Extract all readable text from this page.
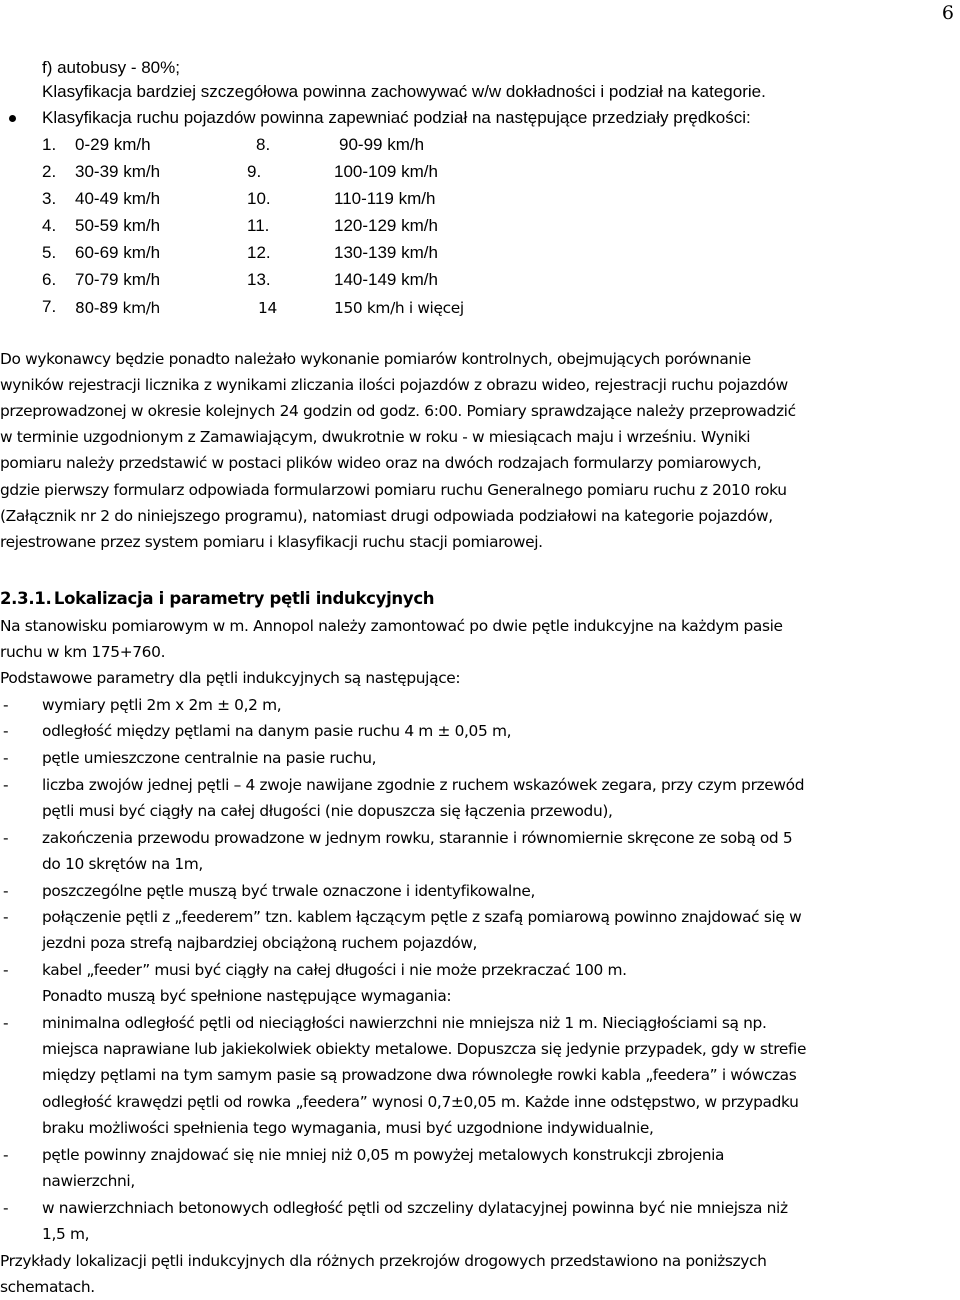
6
f) autobusy - 80%;
Klasyfikacja bardziej szczegółowa powinna zachowywać w/w dokładności i podział na kategorie.
Klasyfikacja ruchu pojazdów powinna zapewniać podział na następujące przedziały prędkości:
1. 0-29 km/h	8.	90-99 km/h
2. 30-39 km/h	9.	100-109 km/h
3. 40-49 km/h	10.	110-119 km/h
4. 50-59 km/h	11.	120-129 km/h
5. 60-69 km/h	12.	130-139 km/h
6. 70-79 km/h	13.	140-149 km/h
7. 80-89 km/h	14	150 km/h i więcej
Do wykonawcy będzie ponadto należało wykonanie pomiarów kontrolnych, obejmujących porównanie
wyników rejestracji licznika z wynikami zliczania ilości pojazdów z obrazu wideo, rejestracji ruchu pojazdów
przeprowadzonej w okresie kolejnych 24 godzin od godz. 6:00. Pomiary sprawdzające należy przeprowadzić
w terminie uzgodnionym z Zamawiającym, dwukrotnie w roku - w miesiącach maju i wrześniu. Wyniki
pomiaru należy przedstawić w postaci plików wideo oraz na dwóch rodzajach formularzy pomiarowych,
gdzie pierwszy formularz odpowiada formularzowi pomiaru ruchu Generalnego pomiaru ruchu z 2010 roku
(Załącznik nr 2 do niniejszego programu), natomiast drugi odpowiada podziałowi na kategorie pojazdów,
rejestrowane przez system pomiaru i klasyfikacji ruchu stacji pomiarowej.
2.3.1. Lokalizacja i parametry pętli indukcyjnych
Na stanowisku pomiarowym w m. Annopol należy zamontować po dwie pętle indukcyjne na każdym pasie
ruchu w km 175+760.
Podstawowe parametry dla pętli indukcyjnych są następujące:
- wymiary pętli 2m x 2m ± 0,2 m,
- odległość między pętlami na danym pasie ruchu 4 m ± 0,05 m,
- pętle umieszczone centralnie na pasie ruchu,
- liczba zwojów jednej pętli – 4 zwoje nawijane zgodnie z ruchem wskazówek zegara, przy czym przewód
pętli musi być ciągły na całej długości (nie dopuszcza się łączenia przewodu),
- zakończenia przewodu prowadzone w jednym rowku, starannie i równomiernie skręcone ze sobą od 5
do 10 skrętów na 1m,
- poszczególne pętle muszą być trwale oznaczone i identyfikowalne,
- połączenie pętli z „feederem” tzn. kablem łączącym pętle z szafą pomiarową powinno znajdować się w
jezdni poza strefą najbardziej obciążoną ruchem pojazdów,
- kabel „feeder” musi być ciągły na całej długości i nie może przekraczać 100 m.
Ponadto muszą być spełnione następujące wymagania:
- minimalna odległość pętli od nieciągłości nawierzchni nie mniejsza niż 1 m. Nieciągłościami są np.
miejsca naprawiane lub jakiekolwiek obiekty metalowe. Dopuszcza się jedynie przypadek, gdy w strefie
między pętlami na tym samym pasie są prowadzone dwa równoległe rowki kabla „feedera” i wówczas
odległość krawędzi pętli od rowka „feedera” wynosi 0,7±0,05 m. Każde inne odstępstwo, w przypadku
braku możliwości spełnienia tego wymagania, musi być uzgodnione indywidualnie,
- pętle powinny znajdować się nie mniej niż 0,05 m powyżej metalowych konstrukcji zbrojenia
nawierzchni,
- w nawierzchniach betonowych odległość pętli od szczeliny dylatacyjnej powinna być nie mniejsza niż
1,5 m,
Przykłady lokalizacji pętli indukcyjnych dla różnych przekrojów drogowych przedstawiono na poniższych
schematach.
